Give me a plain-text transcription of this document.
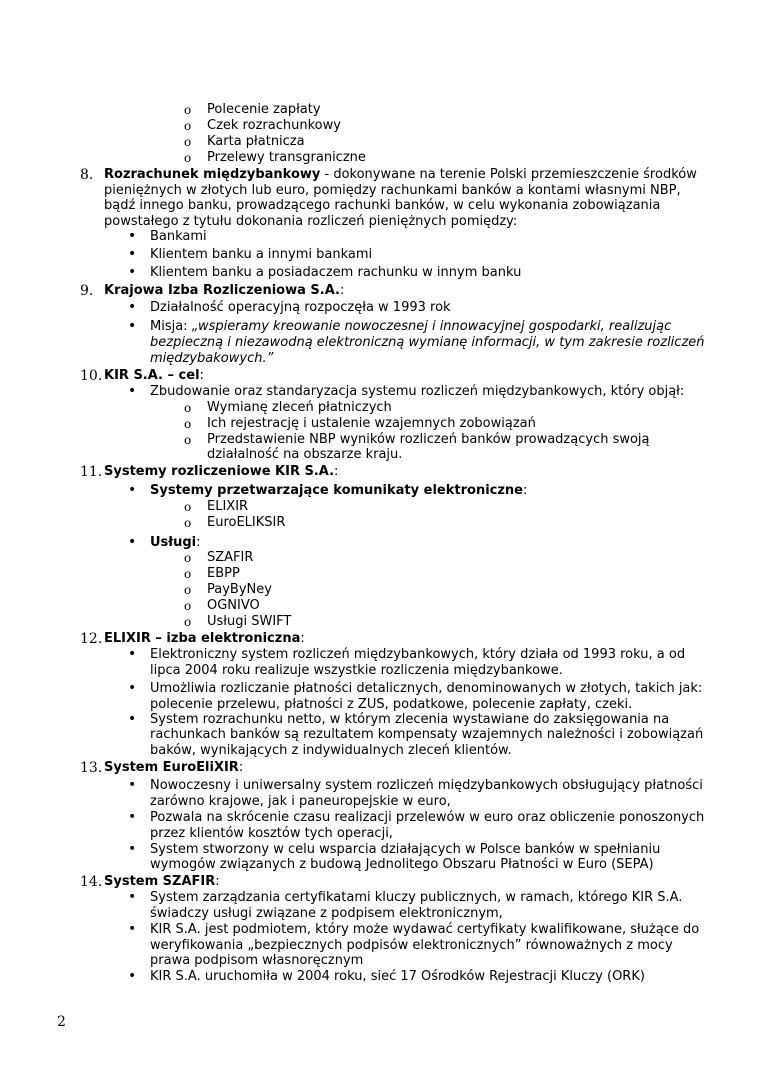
o Polecenie zapłaty
o Czek rozrachunkowy
o Karta płatnicza
o Przelewy transgraniczne
8. Rozrachunek międzybankowy - dokonywane na terenie Polski przemieszczenie środków
pieniężnych w złotych lub euro, pomiędzy rachunkami banków a kontami własnymi NBP,
bądź innego banku, prowadzącego rachunki banków, w celu wykonania zobowiązania
powstałego z tytułu dokonania rozliczeń pieniężnych pomiędzy:
• Bankami
• Klientem banku a innymi bankami
• Klientem banku a posiadaczem rachunku w innym banku
9. Krajowa Izba Rozliczeniowa S.A.:
• Działalność operacyjną rozpoczęła w 1993 rok
• Misja: „wspieramy kreowanie nowoczesnej i innowacyjnej gospodarki, realizując
bezpieczną i niezawodną elektroniczną wymianę informacji, w tym zakresie rozliczeń
międzybakowych.”
10. KIR S.A. – cel:
• Zbudowanie oraz standaryzacja systemu rozliczeń międzybankowych, który objął:
o Wymianę zleceń płatniczych
o Ich rejestrację i ustalenie wzajemnych zobowiązań
o Przedstawienie NBP wyników rozliczeń banków prowadzących swoją
działalność na obszarze kraju.
11. Systemy rozliczeniowe KIR S.A.:
• Systemy przetwarzające komunikaty elektroniczne:
o ELIXIR
o EuroELIKSIR
• Usługi:
o SZAFIR
o EBPP
o PayByNey
o OGNIVO
o Usługi SWIFT
12. ELIXIR – izba elektroniczna:
• Elektroniczny system rozliczeń międzybankowych, który działa od 1993 roku, a od
lipca 2004 roku realizuje wszystkie rozliczenia międzybankowe.
• Umożliwia rozliczanie płatności detalicznych, denominowanych w złotych, takich jak:
polecenie przelewu, płatności z ZUS, podatkowe, polecenie zapłaty, czeki.
• System rozrachunku netto, w którym zlecenia wystawiane do zaksięgowania na
rachunkach banków są rezultatem kompensaty wzajemnych należności i zobowiązań
baków, wynikających z indywidualnych zleceń klientów.
13. System EuroEliXIR:
• Nowoczesny i uniwersalny system rozliczeń międzybankowych obsługujący płatności
zarówno krajowe, jak i paneuropejskie w euro,
• Pozwala na skrócenie czasu realizacji przelewów w euro oraz obliczenie ponoszonych
przez klientów kosztów tych operacji,
• System stworzony w celu wsparcia działających w Polsce banków w spełnianiu
wymogów związanych z budową Jednolitego Obszaru Płatności w Euro (SEPA)
14. System SZAFIR:
• System zarządzania certyfikatami kluczy publicznych, w ramach, którego KIR S.A.
świadczy usługi związane z podpisem elektronicznym,
• KIR S.A. jest podmiotem, który może wydawać certyfikaty kwalifikowane, służące do
weryfikowania „bezpiecznych podpisów elektronicznych” równoważnych z mocy
prawa podpisom własnoręcznym
• KIR S.A. uruchomiła w 2004 roku, sieć 17 Ośrodków Rejestracji Kluczy (ORK)
2
